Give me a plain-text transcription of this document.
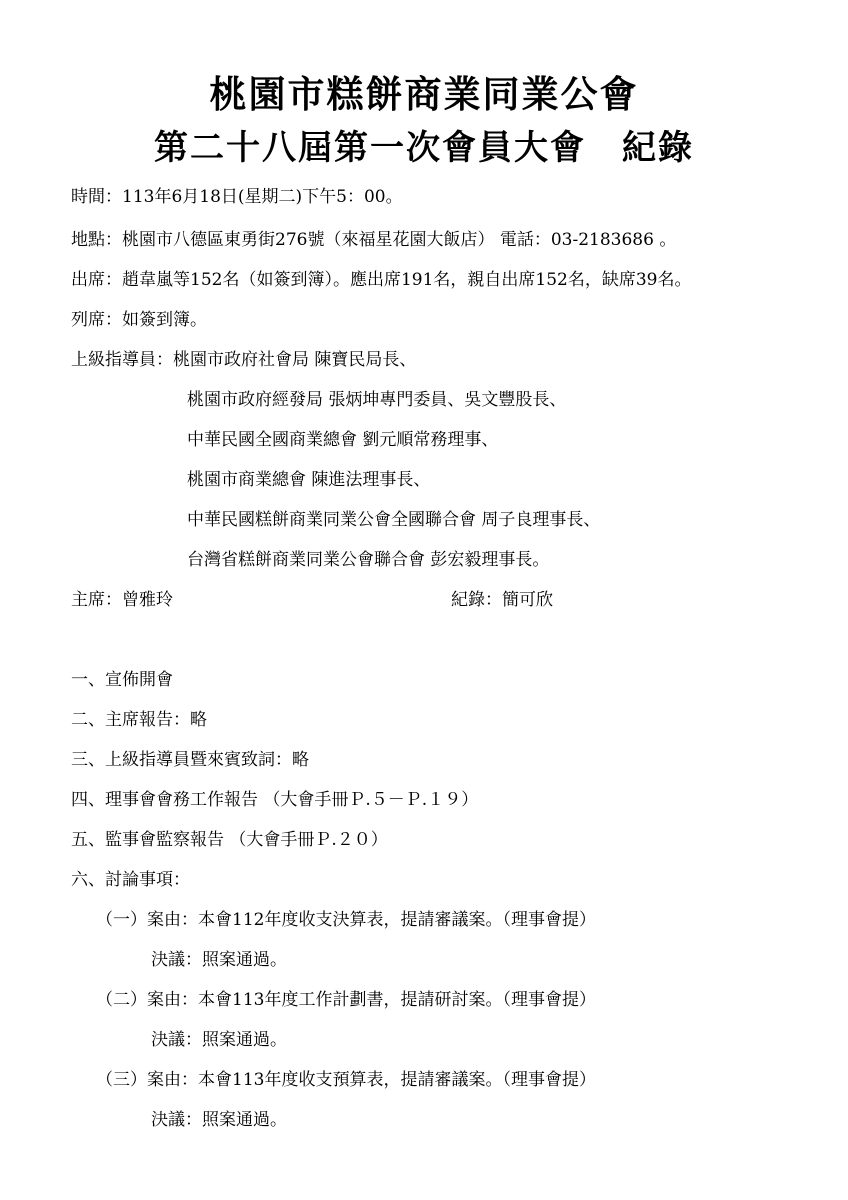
桃園市糕餅商業同業公會
第二十八屆第一次會員大會　紀錄
時間：113年6月18日(星期二)下午5：00。
地點：桃園市八德區東勇街276號（來福星花園大飯店） 電話：03-2183686 。
出席：趙韋嵐等152名（如簽到簿）。應出席191名，親自出席152名，缺席39名。
列席：如簽到簿。
上級指導員：桃園市政府社會局 陳寶民局長、
桃園市政府經發局 張炳坤專門委員、吳文豐股長、
中華民國全國商業總會 劉元順常務理事、
桃園市商業總會 陳進法理事長、
中華民國糕餅商業同業公會全國聯合會 周子良理事長、
台灣省糕餅商業同業公會聯合會 彭宏毅理事長。
主席：曾雅玲	紀錄：簡可欣
一、宣佈開會
二、主席報告：略
三、上級指導員暨來賓致詞：略
四、理事會會務工作報告 （大會手冊Ｐ.５－Ｐ.１９）
五、監事會監察報告 （大會手冊Ｐ.２０）
六、討論事項：
（一）案由：本會112年度收支決算表，提請審議案。（理事會提）
決議：照案通過。
（二）案由：本會113年度工作計劃書，提請研討案。（理事會提）
決議：照案通過。
（三）案由：本會113年度收支預算表，提請審議案。（理事會提）
決議：照案通過。
